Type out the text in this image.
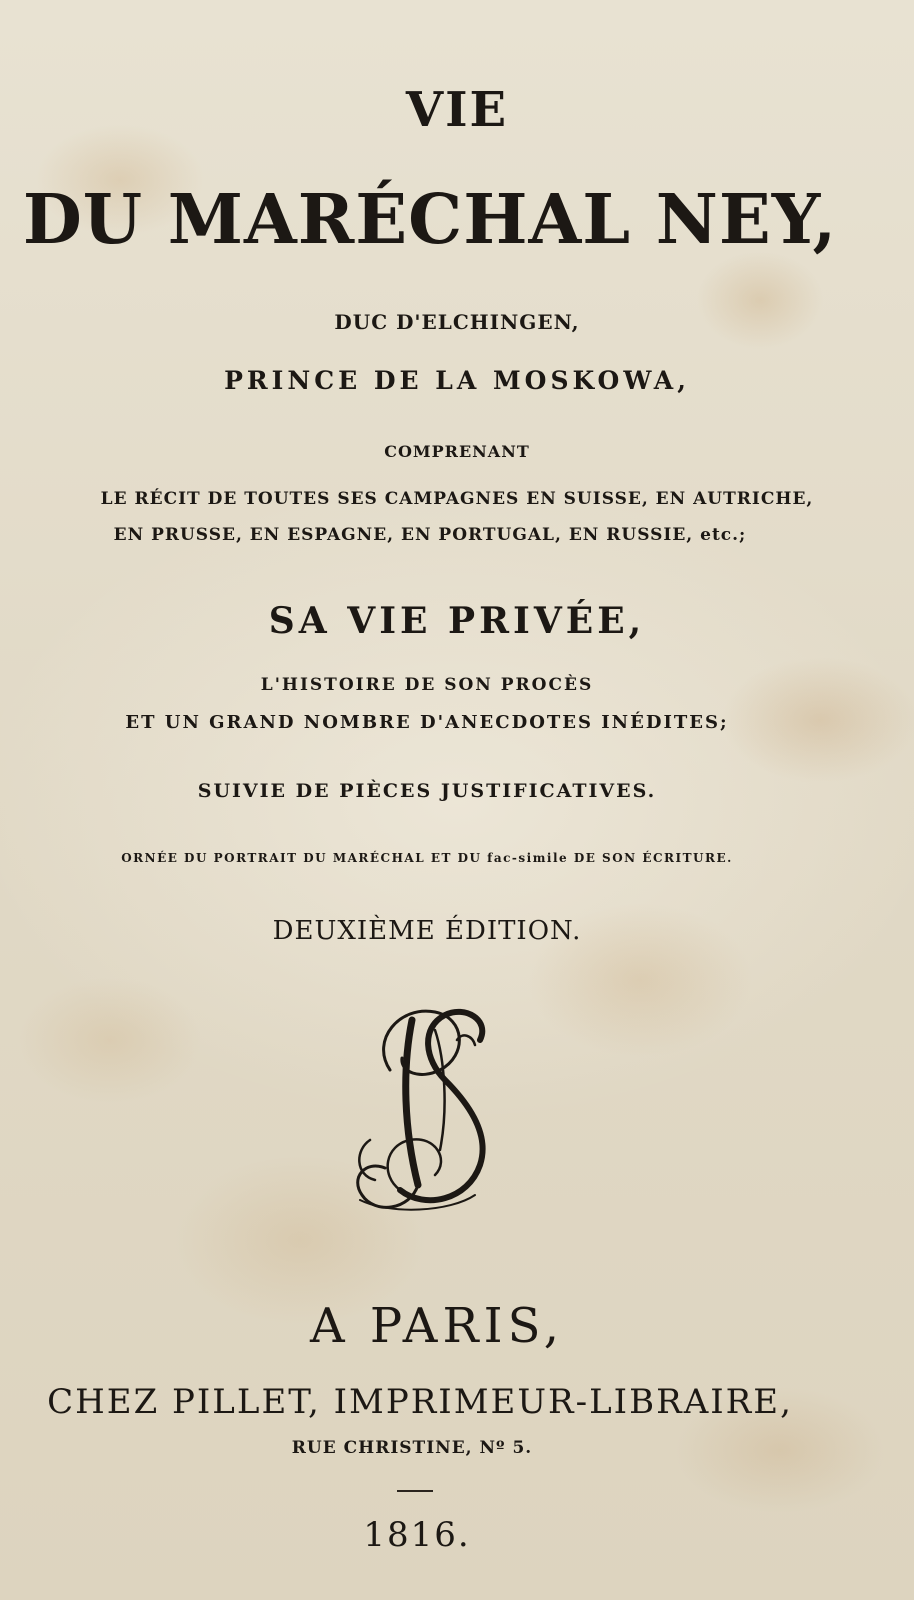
VIE
DU MARÉCHAL NEY,
DUC D'ELCHINGEN,
PRINCE DE LA MOSKOWA,
COMPRENANT
LE RÉCIT DE TOUTES SES CAMPAGNES EN SUISSE, EN AUTRICHE,
EN PRUSSE, EN ESPAGNE, EN PORTUGAL, EN RUSSIE, etc.;
SA VIE PRIVÉE,
L'HISTOIRE DE SON PROCÈS
ET UN GRAND NOMBRE D'ANECDOTES INÉDITES;
SUIVIE DE PIÈCES JUSTIFICATIVES.
ORNÉE DU PORTRAIT DU MARÉCHAL ET DU fac-simile DE SON ÉCRITURE.
DEUXIÈME ÉDITION.
A PARIS,
CHEZ PILLET, IMPRIMEUR-LIBRAIRE,
RUE CHRISTINE, Nº 5.
1816.
